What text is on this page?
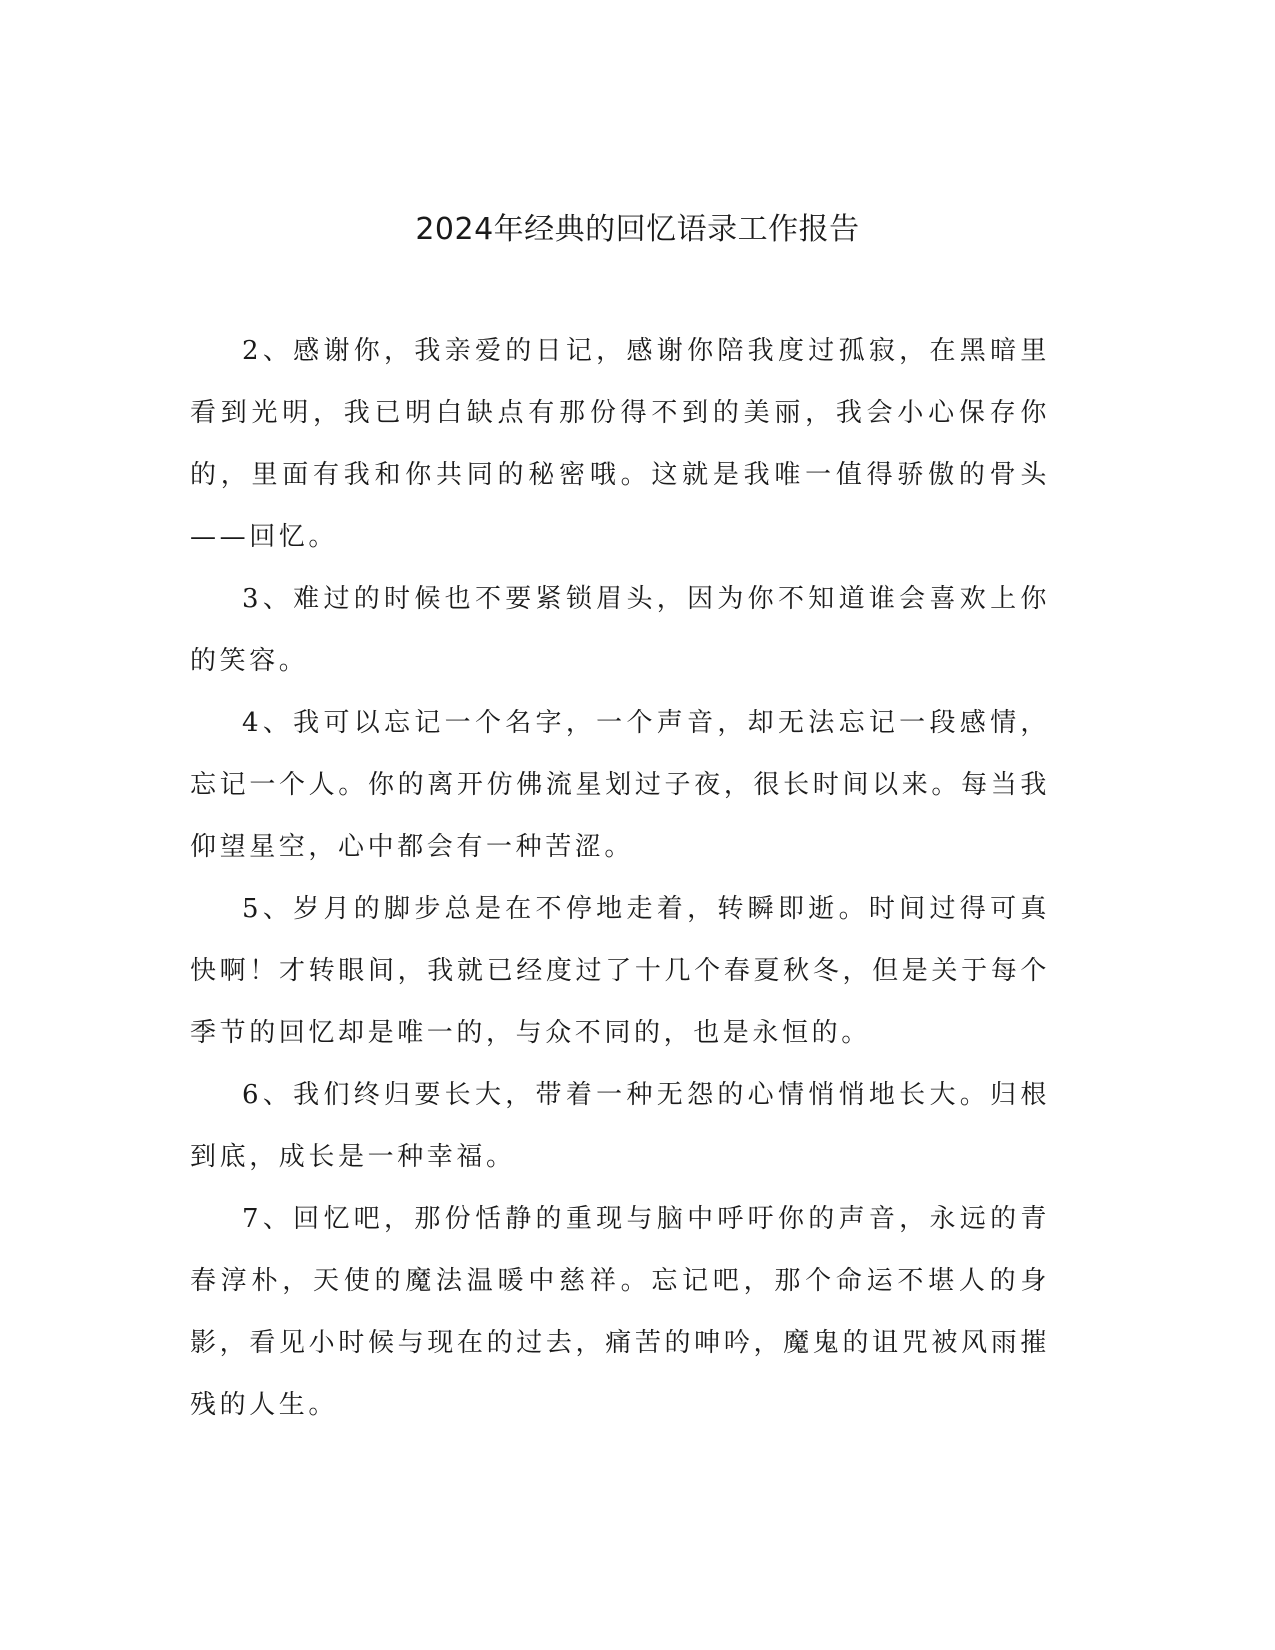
2024年经典的回忆语录工作报告

2、感谢你，我亲爱的日记，感谢你陪我度过孤寂，在黑暗里看到光明，我已明白缺点有那份得不到的美丽，我会小心保存你的，里面有我和你共同的秘密哦。这就是我唯一值得骄傲的骨头——回忆。

3、难过的时候也不要紧锁眉头，因为你不知道谁会喜欢上你的笑容。

4、我可以忘记一个名字，一个声音，却无法忘记一段感情，忘记一个人。你的离开仿佛流星划过子夜，很长时间以来。每当我仰望星空，心中都会有一种苦涩。

5、岁月的脚步总是在不停地走着，转瞬即逝。时间过得可真快啊！才转眼间，我就已经度过了十几个春夏秋冬，但是关于每个季节的回忆却是唯一的，与众不同的，也是永恒的。

6、我们终归要长大，带着一种无怨的心情悄悄地长大。归根到底，成长是一种幸福。

7、回忆吧，那份恬静的重现与脑中呼吁你的声音，永远的青春淳朴，天使的魔法温暖中慈祥。忘记吧，那个命运不堪人的身影，看见小时候与现在的过去，痛苦的呻吟，魔鬼的诅咒被风雨摧残的人生。
